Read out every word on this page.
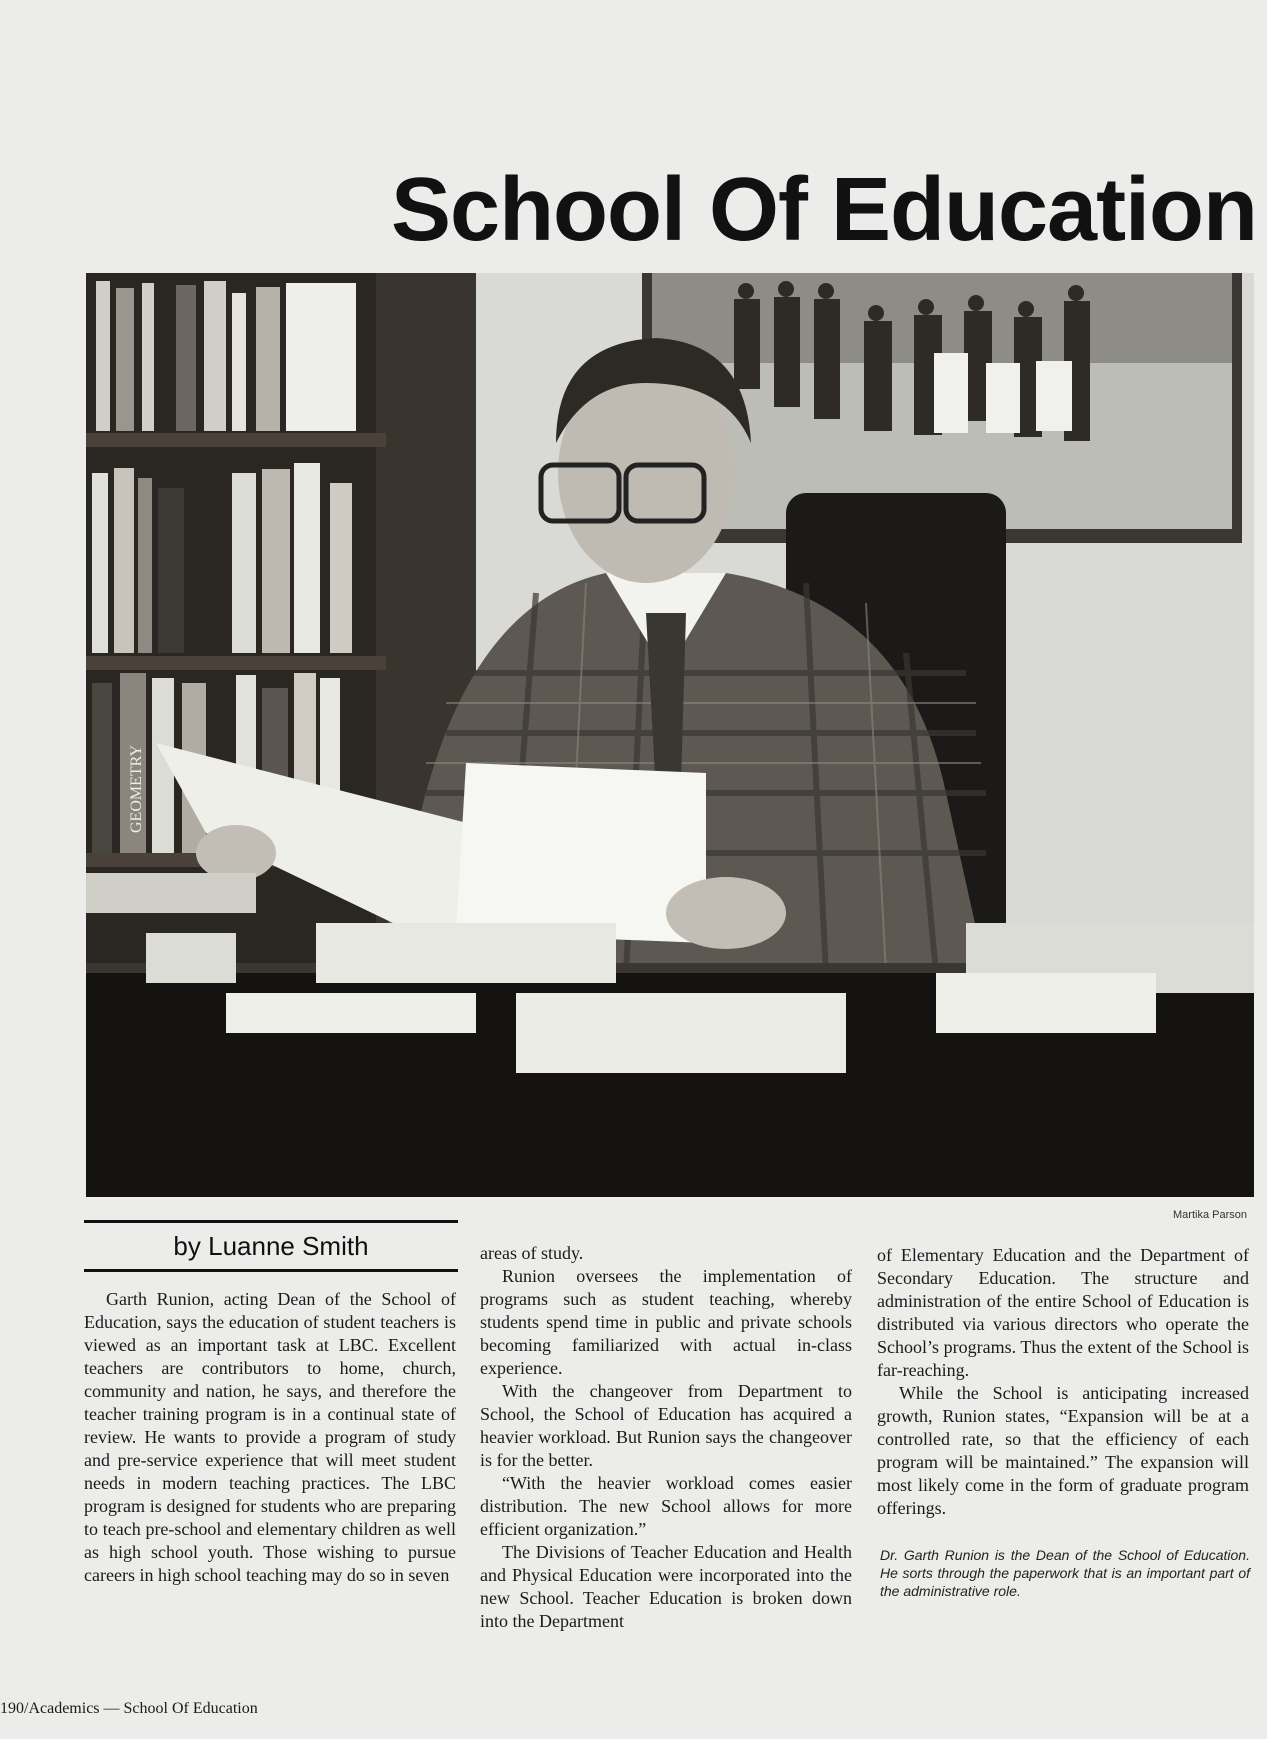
School Of Education
GEOMETRY
Martika Parson
by Luanne Smith

Garth Runion, acting Dean of the School of Education, says the education of student teachers is viewed as an important task at LBC. Excellent teachers are contributors to home, church, community and nation, he says, and therefore the teacher training program is in a continual state of review. He wants to provide a program of study and pre-service experience that will meet student needs in modern teaching practices. The LBC program is designed for students who are preparing to teach pre-school and elementary children as well as high school youth. Those wishing to pursue careers in high school teaching may do so in seven

areas of study.

Runion oversees the implementation of programs such as student teaching, whereby students spend time in public and private schools becoming familiarized with actual in-class experience.

With the changeover from Department to School, the School of Education has acquired a heavier workload. But Runion says the changeover is for the better.

“With the heavier workload comes easier distribution. The new School allows for more efficient organization.”

The Divisions of Teacher Education and Health and Physical Education were incorporated into the new School. Teacher Education is broken down into the Department

of Elementary Education and the Department of Secondary Education. The structure and administration of the entire School of Education is distributed via various directors who operate the School’s programs. Thus the extent of the School is far-reaching.

While the School is anticipating increased growth, Runion states, “Expansion will be at a controlled rate, so that the efficiency of each program will be maintained.” The expansion will most likely come in the form of graduate program offerings.

Dr. Garth Runion is the Dean of the School of Education. He sorts through the paperwork that is an important part of the administrative role.
190/Academics — School Of Education
